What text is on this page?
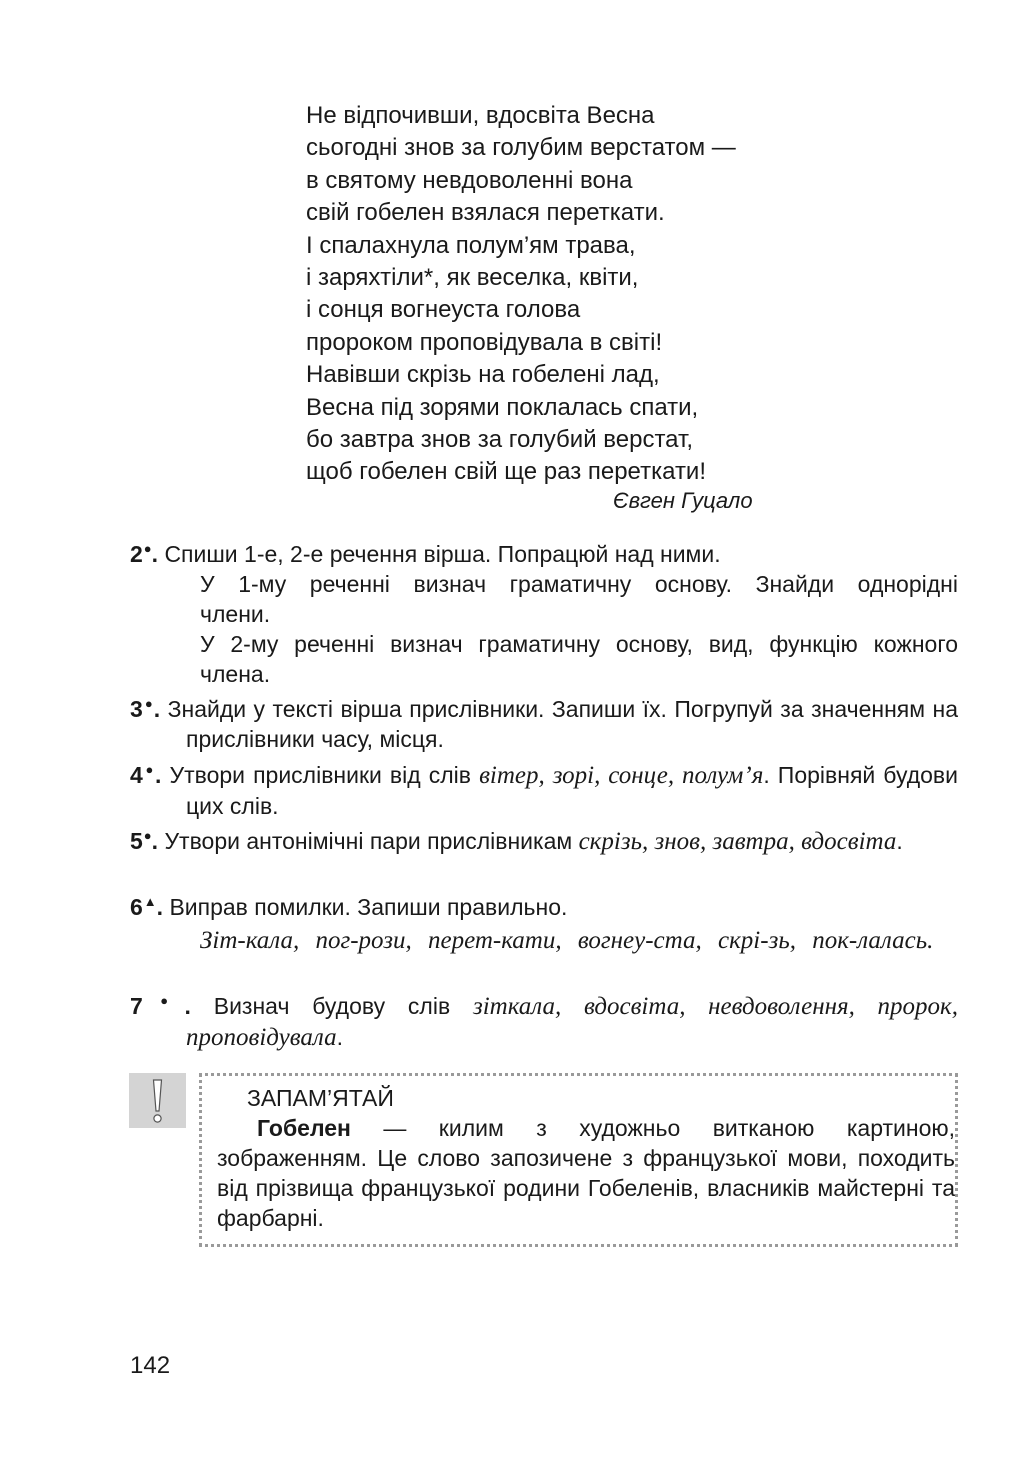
Не відпочивши, вдосвіта Весна
сьогодні знов за голубим верстатом —
в святому невдоволенні вона
свій гобелен взялася переткати.
І спалахнула полум’ям трава,
і заряхтіли*, як веселка, квіти,
і сонця вогнеуста голова
пророком проповідувала в світі!
Навівши скрізь на гобелені лад,
Весна під зорями поклалась спати,
бо завтра знов за голубий верстат,
щоб гобелен свій ще раз переткати!
Євген Гуцало
2●. Спиши 1-е, 2-е речення вірша. Попрацюй над ними.
У 1-му реченні визнач граматичну основу. Знайди однорідні
члени.
У 2-му реченні визнач граматичну основу, вид, функцію кожного члена.
3●. Знайди у тексті вірша прислівники. Запиши їх. Погрупуй за значенням на прислівники часу, місця.
4●. Утвори прислівники від слів вітер, зорі, сонце, полум’я. Порівняй будови цих слів.
5●. Утвори антонімічні пари прислівникам скрізь, знов, завтра, вдосвіта.
6▲. Виправ помилки. Запиши правильно.
Зіт-кала, пог-рози, перет-кати, вогнеу-ста, скрі-зь, пок-лалась.
7●. Визнач будову слів зіткала, вдосвіта, невдоволення, пророк, проповідувала.
ЗАПАМ’ЯТАЙ
Гобелен — килим з художньо витканою картиною, зображенням. Це слово запозичене з французької мови, походить від прізвища французької родини Гобеленів, власників майстерні та фарбарні.
142
